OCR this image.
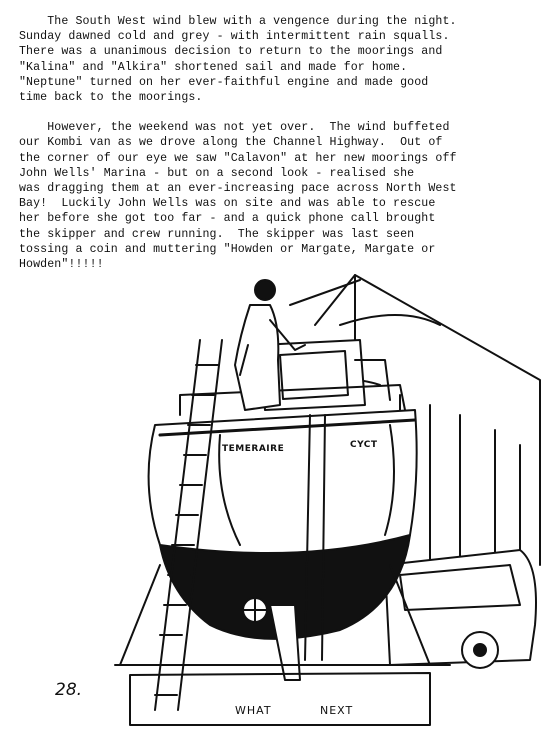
The South West wind blew with a vengence during the night.

Sunday dawned cold and grey - with intermittent rain squalls.

There was a unanimous decision to return to the moorings and

"Kalina" and "Alkira" shortened sail and made for home.

"Neptune" turned on her ever-faithful engine and made good

time back to the moorings.

However, the weekend was not yet over.  The wind buffeted

our Kombi van as we drove along the Channel Highway.  Out of

the corner of our eye we saw "Calavon" at her new moorings off

John Wells' Marina - but on a second look - realised she

was dragging them at an ever-increasing pace across North West

Bay!  Luckily John Wells was on site and was able to rescue

her before she got too far - and a quick phone call brought

the skipper and crew running.  The skipper was last seen

tossing a coin and muttering "Howden or Margate, Margate or

Howden"!!!!!

TEMERAIRE	CYCT
WHAT	NEXT
28.
